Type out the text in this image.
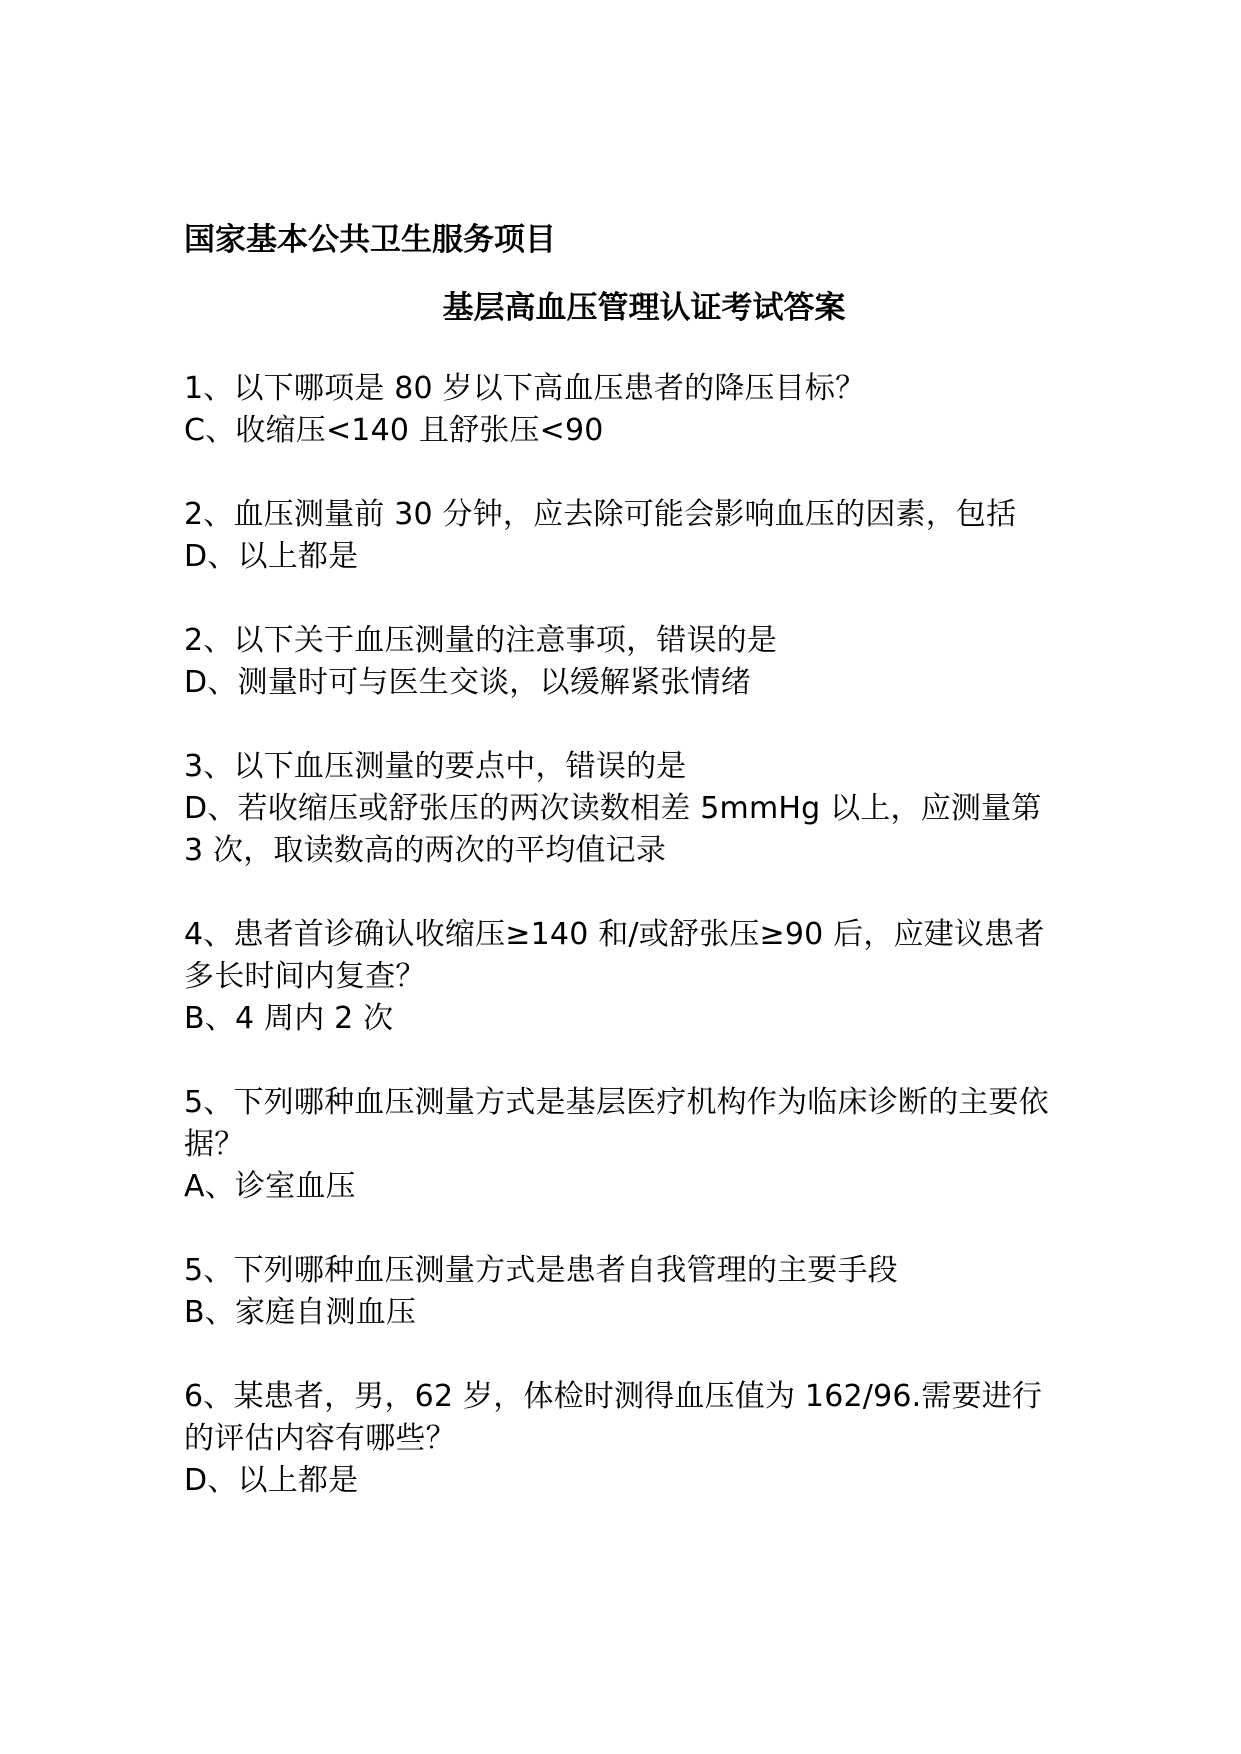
国家基本公共卫生服务项目
基层高血压管理认证考试答案

1、以下哪项是 80 岁以下高血压患者的降压目标？

C、收缩压<140 且舒张压<90

2、血压测量前 30 分钟，应去除可能会影响血压的因素，包括

D、以上都是

2、以下关于血压测量的注意事项，错误的是

D、测量时可与医生交谈，以缓解紧张情绪

3、以下血压测量的要点中，错误的是

D、若收缩压或舒张压的两次读数相差 5mmHg 以上，应测量第 3 次，取读数高的两次的平均值记录

4、患者首诊确认收缩压≥140 和/或舒张压≥90 后，应建议患者多长时间内复查？

B、4 周内 2 次

5、下列哪种血压测量方式是基层医疗机构作为临床诊断的主要依据？

A、诊室血压

5、下列哪种血压测量方式是患者自我管理的主要手段

B、家庭自测血压

6、某患者，男，62 岁，体检时测得血压值为 162/96.需要进行的评估内容有哪些？

D、以上都是
